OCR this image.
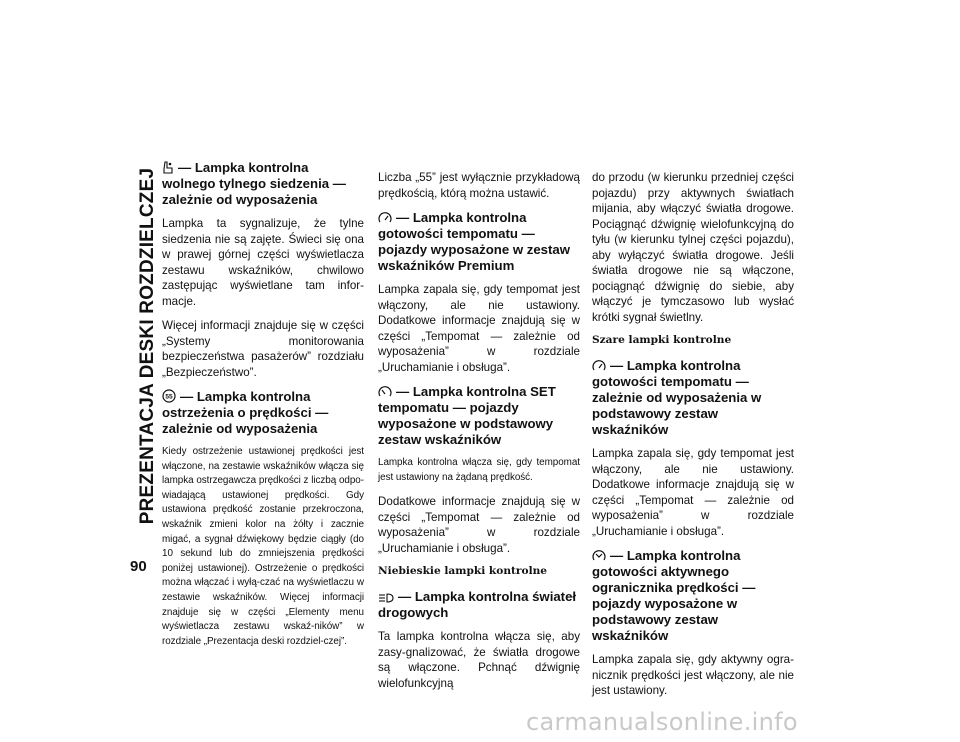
PREZENTACJA DESKI ROZDZIELCZEJ
90
— Lampka kontrolna wolnego tylnego siedzenia — zależnie od wyposażenia

Lampka ta sygnalizuje, że tylne siedzenia nie są zajęte. Świeci się ona w prawej górnej części wyświetlacza zestawu wskaźników, chwilowo zastępując wyświetlane tam infor-macje.

Więcej informacji znajduje się w części „Systemy monitorowania bezpieczeństwa pasażerów” rozdziału „Bezpieczeństwo”.

55 — Lampka kontrolna ostrzeżenia o prędkości — zależnie od wyposażenia

Kiedy ostrzeżenie ustawionej prędkości jest włączone, na zestawie wskaźników włącza się lampka ostrzegawcza prędkości z liczbą odpo-wiadającą ustawionej prędkości. Gdy ustawiona prędkość zostanie przekroczona, wskaźnik zmieni kolor na żółty i zacznie migać, a sygnał dźwiękowy będzie ciągły (do 10 sekund lub do zmniejszenia prędkości poniżej ustawionej). Ostrzeżenie o prędkości można włączać i wyłą-czać na wyświetlaczu w zestawie wskaźników. Więcej informacji znajduje się w części „Elementy menu wyświetlacza zestawu wskaź-ników” w rozdziale „Prezentacja deski rozdziel-czej”.

Liczba „55” jest wyłącznie przykładową prędkością, którą można ustawić.

— Lampka kontrolna gotowości tempomatu — pojazdy wyposażone w zestaw wskaźników Premium

Lampka zapala się, gdy tempomat jest włączony, ale nie ustawiony. Dodatkowe informacje znajdują się w części „Tempomat — zależnie od wyposażenia” w rozdziale „Uruchamianie i obsługa”.

— Lampka kontrolna SET tempomatu — pojazdy wyposażone w podstawowy zestaw wskaźników

Lampka kontrolna włącza się, gdy tempomat jest ustawiony na żądaną prędkość.

Dodatkowe informacje znajdują się w części „Tempomat — zależnie od wyposażenia” w rozdziale „Uruchamianie i obsługa”.

Niebieskie lampki kontrolne
— Lampka kontrolna świateł drogowych

Ta lampka kontrolna włącza się, aby zasy-gnalizować, że światła drogowe są włączone. Pchnąć dźwignię wielofunkcyjną

do przodu (w kierunku przedniej części pojazdu) przy aktywnych światłach mijania, aby włączyć światła drogowe. Pociągnąć dźwignię wielofunkcyjną do tyłu (w kierunku tylnej części pojazdu), aby wyłączyć światła drogowe. Jeśli światła drogowe nie są włączone, pociągnąć dźwignię do siebie, aby włączyć je tymczasowo lub wysłać krótki sygnał świetlny.

Szare lampki kontrolne
— Lampka kontrolna gotowości tempomatu — zależnie od wyposażenia w podstawowy zestaw wskaźników

Lampka zapala się, gdy tempomat jest włączony, ale nie ustawiony. Dodatkowe informacje znajdują się w części „Tempomat — zależnie od wyposażenia” w rozdziale „Uruchamianie i obsługa”.

— Lampka kontrolna gotowości aktywnego ogranicznika prędkości — pojazdy wyposażone w podstawowy zestaw wskaźników

Lampka zapala się, gdy aktywny ogra-nicznik prędkości jest włączony, ale nie jest ustawiony.

carmanualsonline.info
